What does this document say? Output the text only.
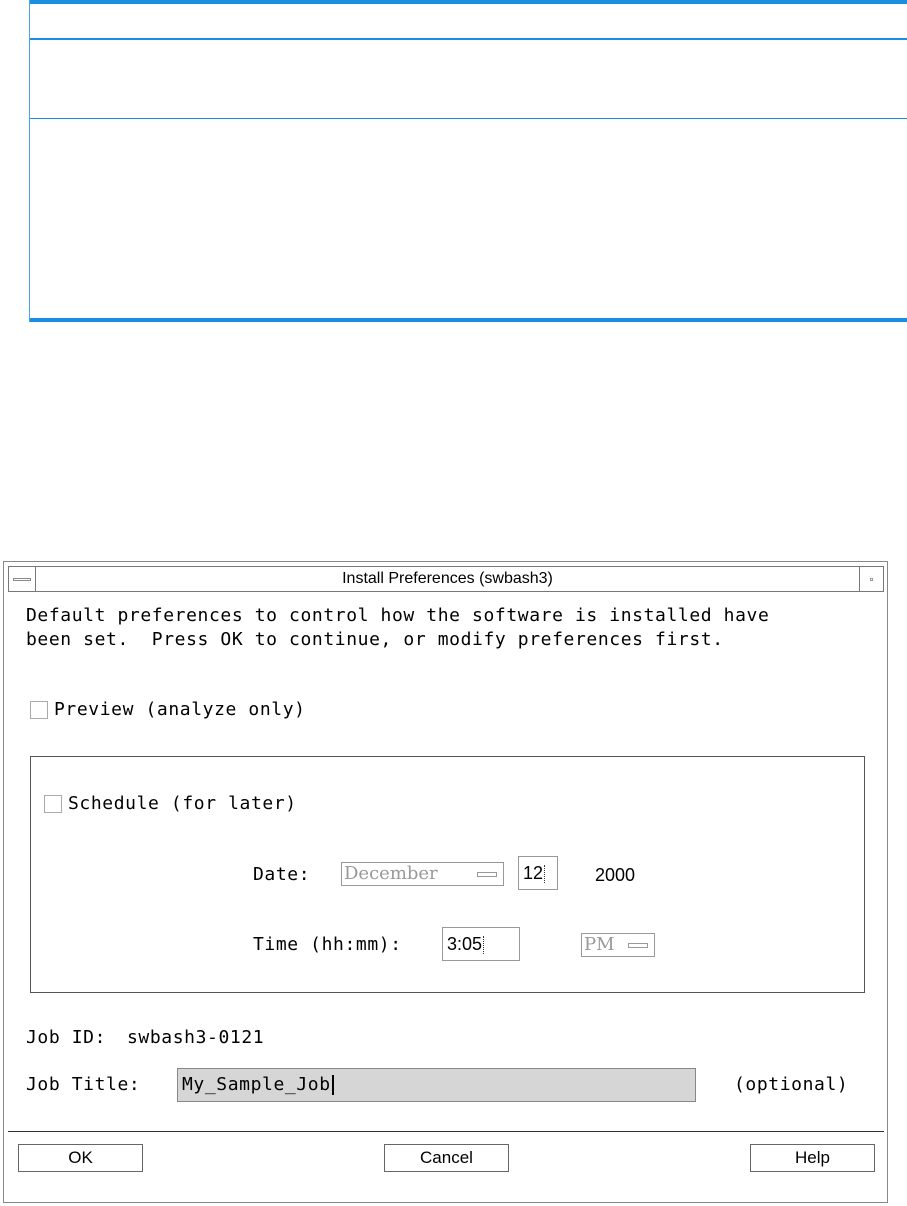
Install Preferences (swbash3)
Default preferences to control how the software is installed have
been set.  Press OK to continue, or modify preferences first.
Preview (analyze only)
Schedule (for later)
Date: December	12	2000
Time (hh:mm):	3:05	PM
Job ID: swbash3-0121
Job Title: My_Sample_Job	(optional)
OK	Cancel	Help
